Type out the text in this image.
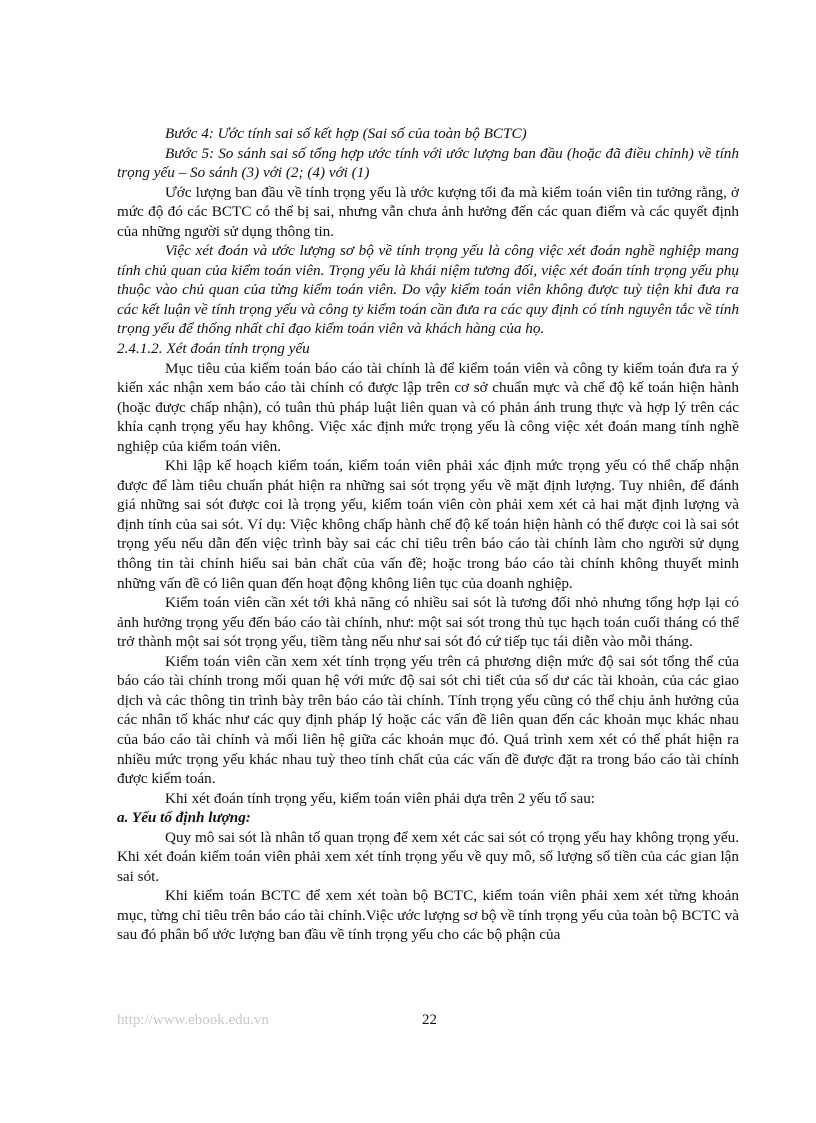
Bước 4: Ước tính sai số kết hợp (Sai số của toàn bộ BCTC)

Bước 5: So sánh sai số tổng hợp ước tính với ước lượng ban đầu (hoặc đã điều chỉnh) về tính trọng yếu – So sánh (3) với (2; (4) với (1)

Ước lượng ban đầu về tính trọng yếu là ước kượng tối đa mà kiểm toán viên tin tưởng rằng, ở mức độ đó các BCTC có thể bị sai, nhưng vẫn chưa ảnh hưởng đến các quan điểm và các quyết định của những người sử dụng thông tin.

Việc xét đoán và ước lượng sơ bộ về tính trọng yếu là công việc xét đoán nghề nghiệp mang tính chủ quan của kiểm toán viên. Trọng yếu là khái niệm tương đối, việc xét đoán tính trọng yếu phụ thuộc vào chủ quan của từng kiểm toán viên. Do vậy kiểm toán viên không được tuỳ tiện khi đưa ra các kết luận về tính trọng yếu và công ty kiểm toán cần đưa ra các quy định có tính nguyên tắc về tính trọng yếu để thống nhất chỉ đạo kiểm toán viên và khách hàng của họ.

2.4.1.2. Xét đoán tính trọng yếu

Mục tiêu của kiểm toán báo cáo tài chính là để kiểm toán viên và công ty kiểm toán đưa ra ý kiến xác nhận xem báo cáo tài chính có được lập trên cơ sở chuẩn mực và chế độ kế toán hiện hành (hoặc được chấp nhận), có tuân thủ pháp luật liên quan và có phản ánh trung thực và hợp lý trên các khía cạnh trọng yếu hay không. Việc xác định mức trọng yếu là công việc xét đoán mang tính nghề nghiệp của kiểm toán viên.

Khi lập kế hoạch kiểm toán, kiểm toán viên phải xác định mức trọng yếu có thể chấp nhận được để làm tiêu chuẩn phát hiện ra những sai sót trọng yếu về mặt định lượng. Tuy nhiên, để đánh giá những sai sót được coi là trọng yếu, kiểm toán viên còn phải xem xét cả hai mặt định lượng và định tính của sai sót. Ví dụ: Việc không chấp hành chế độ kế toán hiện hành có thể được coi là sai sót trọng yếu nếu dẫn đến việc trình bày sai các chỉ tiêu trên báo cáo tài chính làm cho người sử dụng thông tin tài chính hiểu sai bản chất của vấn đề; hoặc trong báo cáo tài chính không thuyết minh những vấn đề có liên quan đến hoạt động không liên tục của doanh nghiệp.

Kiểm toán viên cần xét tới khả năng có nhiều sai sót là tương đối nhỏ nhưng tổng hợp lại có ảnh hưởng trọng yếu đến báo cáo tài chính, như: một sai sót trong thủ tục hạch toán cuối tháng có thể trở thành một sai sót trọng yếu, tiềm tàng nếu như sai sót đó cứ tiếp tục tái diễn vào mỗi tháng.

Kiểm toán viên cần xem xét tính trọng yếu trên cả phương diện mức độ sai sót tổng thể của báo cáo tài chính trong mối quan hệ với mức độ sai sót chi tiết của số dư các tài khoản, của các giao dịch và các thông tin trình bày trên báo cáo tài chính. Tính trọng yếu cũng có thể chịu ảnh hưởng của các nhân tố khác như các quy định pháp lý hoặc các vấn đề liên quan đến các khoản mục khác nhau của báo cáo tài chính và mối liên hệ giữa các khoản mục đó. Quá trình xem xét có thể phát hiện ra nhiều mức trọng yếu khác nhau tuỳ theo tính chất của các vấn đề được đặt ra trong báo cáo tài chính được kiểm toán.

Khi xét đoán tính trọng yếu, kiểm toán viên phải dựa trên 2 yếu tố sau:

a. Yếu tố định lượng:

Quy mô sai sót là nhân tố quan trọng để xem xét các sai sót có trọng yếu hay không trọng yếu. Khi xét đoán kiểm toán viên phải xem xét tính trọng yếu về quy mô, số lượng số tiền của các gian lận sai sót.

Khi kiểm toán BCTC để xem xét toàn bộ BCTC, kiểm toán viên phải xem xét từng khoản mục, từng chỉ tiêu trên báo cáo tài chính.Việc ước lượng sơ bộ về tính trọng yếu của toàn bộ BCTC và sau đó phân bổ ước lượng ban đầu về tính trọng yếu cho các bộ phận của

http://www.ebook.edu.vn	22
